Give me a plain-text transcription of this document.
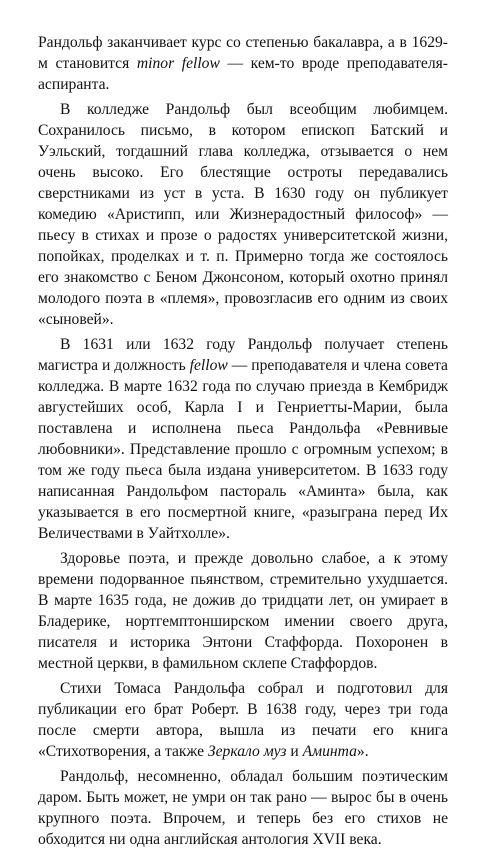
Рандольф заканчивает курс со степенью бакалавра, а в 1629-м становится minor fellow — кем-то вроде преподавателя-аспиранта.

В колледже Рандольф был всеобщим любимцем. Сохранилось письмо, в котором епископ Батский и Уэльский, тогдашний глава колледжа, отзывается о нем очень высоко. Его блестящие остроты передавались сверстниками из уст в уста. В 1630 году он публикует комедию «Аристипп, или Жизнерадостный философ» — пьесу в стихах и прозе о радостях университетской жизни, попойках, проделках и т. п. Примерно тогда же состоялось его знакомство с Беном Джонсоном, который охотно принял молодого поэта в «племя», провозгласив его одним из своих «сыновей».

В 1631 или 1632 году Рандольф получает степень магистра и должность fellow — преподавателя и члена совета колледжа. В марте 1632 года по случаю приезда в Кембридж августейших особ, Карла I и Генриетты-Марии, была поставлена и исполнена пьеса Рандольфа «Ревнивые любовники». Представление прошло с огромным успехом; в том же году пьеса была издана университетом. В 1633 году написанная Рандольфом пастораль «Аминта» была, как указывается в его посмертной книге, «разыграна перед Их Величествами в Уайтхолле».

Здоровье поэта, и прежде довольно слабое, а к этому времени подорванное пьянством, стремительно ухудшается. В марте 1635 года, не дожив до тридцати лет, он умирает в Бладерике, нортгемптонширском имении своего друга, писателя и историка Энтони Стаффорда. Похоронен в местной церкви, в фамильном склепе Стаффордов.

Стихи Томаса Рандольфа собрал и подготовил для публикации его брат Роберт. В 1638 году, через три года после смерти автора, вышла из печати его книга «Стихотворения, а также Зеркало муз и Аминта».

Рандольф, несомненно, обладал большим поэтическим даром. Быть может, не умри он так рано — вырос бы в очень крупного поэта. Впрочем, и теперь без его стихов не обходится ни одна английская антология XVII века.
